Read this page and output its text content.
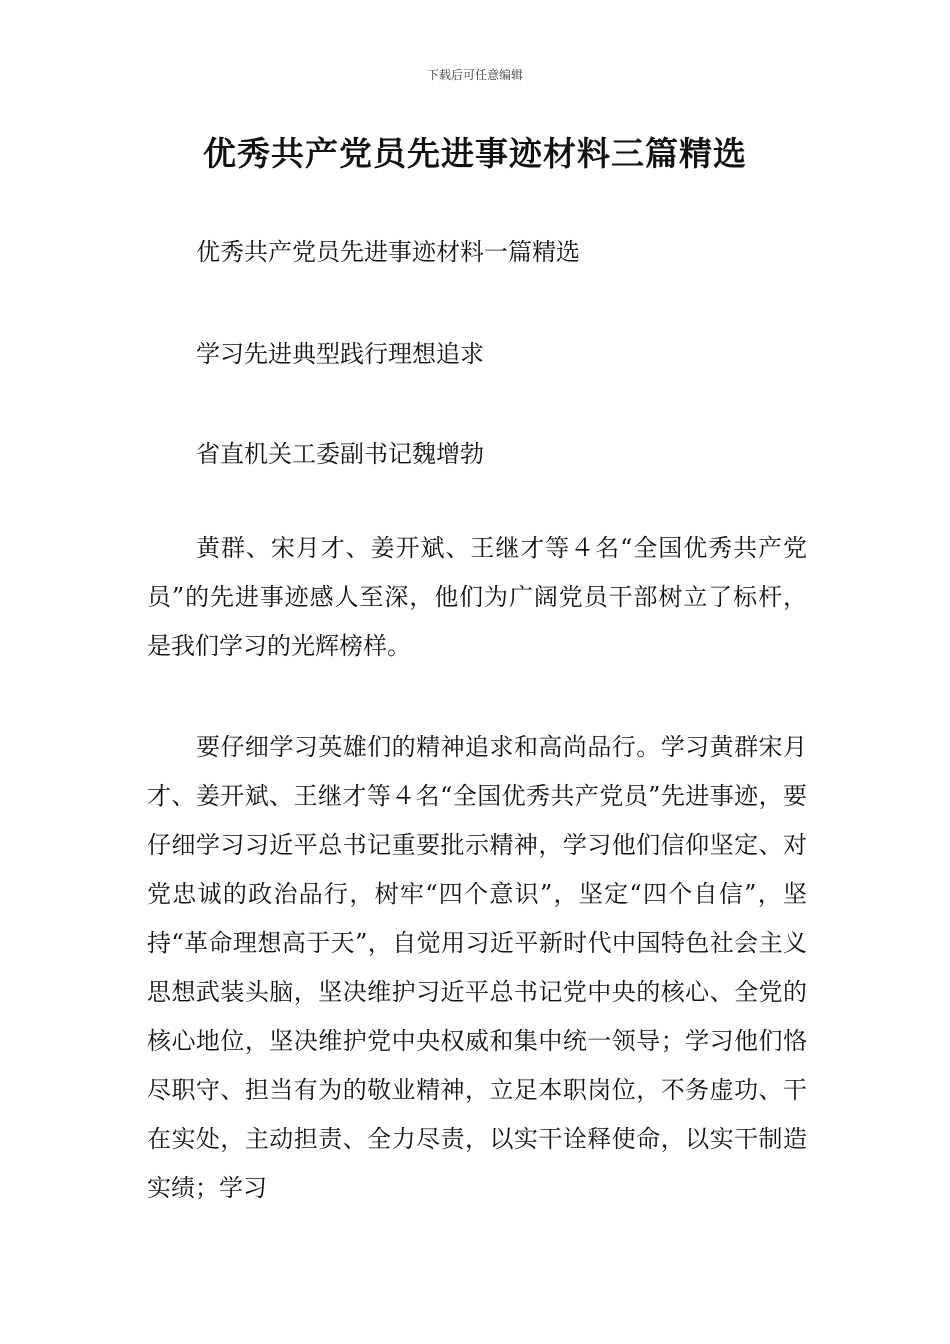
下载后可任意编辑
优秀共产党员先进事迹材料三篇精选

优秀共产党员先进事迹材料一篇精选

学习先进典型践行理想追求

省直机关工委副书记魏增勃

黄群、宋月才、姜开斌、王继才等４名“全国优秀共产党员”的先进事迹感人至深，他们为广阔党员干部树立了标杆，是我们学习的光辉榜样。

要仔细学习英雄们的精神追求和高尚品行。学习黄群宋月才、姜开斌、王继才等４名“全国优秀共产党员”先进事迹，要仔细学习习近平总书记重要批示精神，学习他们信仰坚定、对党忠诚的政治品行，树牢“四个意识”，坚定“四个自信”，坚持“革命理想高于天”，自觉用习近平新时代中国特色社会主义思想武装头脑，坚决维护习近平总书记党中央的核心、全党的核心地位，坚决维护党中央权威和集中统一领导；学习他们恪尽职守、担当有为的敬业精神，立足本职岗位，不务虚功、干在实处，主动担责、全力尽责，以实干诠释使命，以实干制造实绩；学习
